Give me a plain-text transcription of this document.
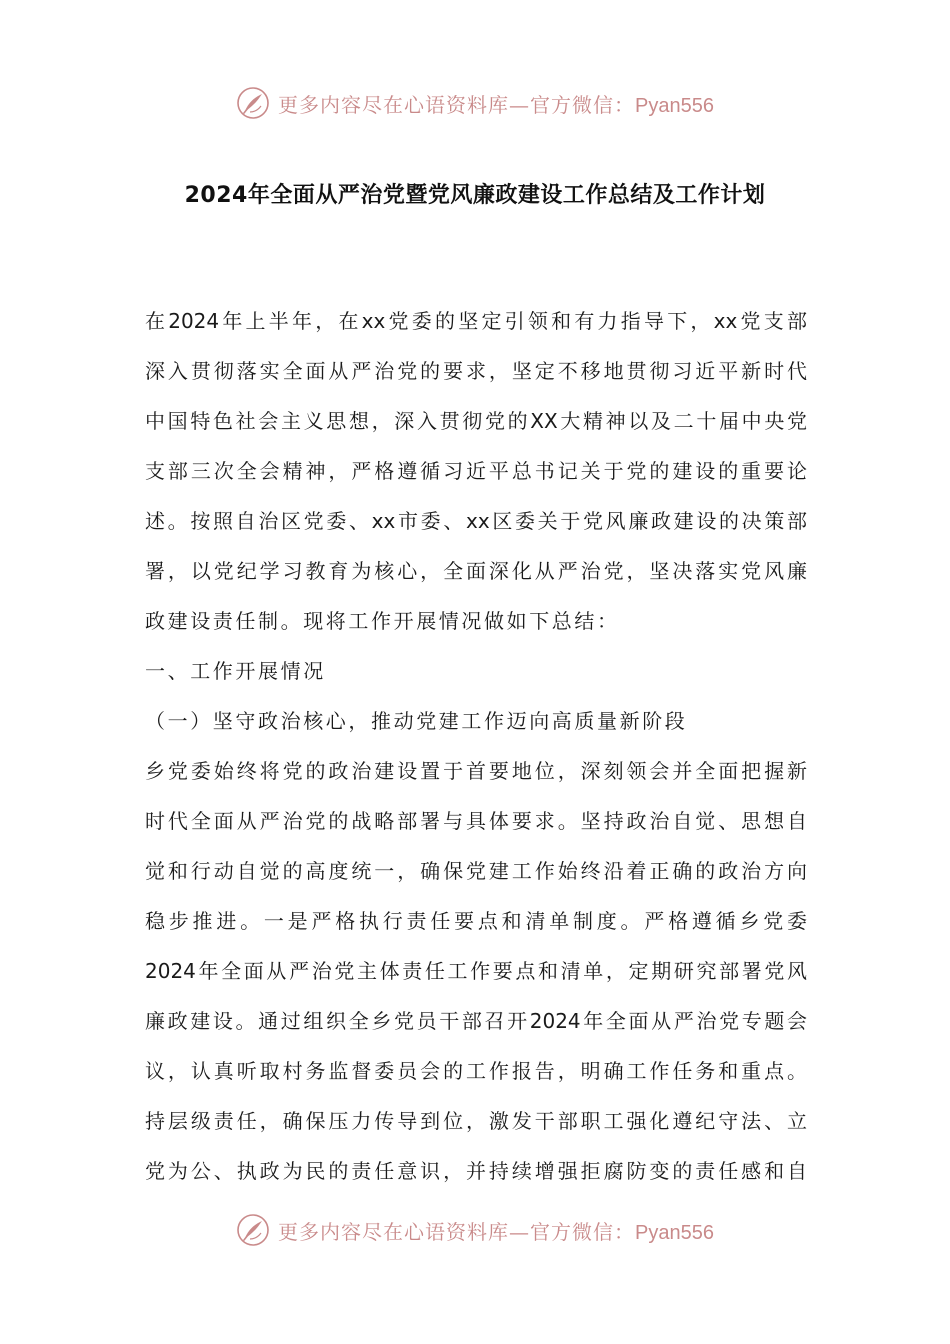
更多内容尽在心语资料库—官方微信：Pyan556
2024年全面从严治党暨党风廉政建设工作总结及工作计划
在2024年上半年，在xx党委的坚定引领和有力指导下，xx党支部
深入贯彻落实全面从严治党的要求，坚定不移地贯彻习近平新时代
中国特色社会主义思想，深入贯彻党的XX大精神以及二十届中央党
支部三次全会精神，严格遵循习近平总书记关于党的建设的重要论
述。按照自治区党委、xx市委、xx区委关于党风廉政建设的决策部
署，以党纪学习教育为核心，全面深化从严治党，坚决落实党风廉
政建设责任制。现将工作开展情况做如下总结：
一、工作开展情况
（一）坚守政治核心，推动党建工作迈向高质量新阶段
乡党委始终将党的政治建设置于首要地位，深刻领会并全面把握新
时代全面从严治党的战略部署与具体要求。坚持政治自觉、思想自
觉和行动自觉的高度统一，确保党建工作始终沿着正确的政治方向
稳步推进。一是严格执行责任要点和清单制度。严格遵循乡党委
2024年全面从严治党主体责任工作要点和清单，定期研究部署党风
廉政建设。通过组织全乡党员干部召开2024年全面从严治党专题会
议，认真听取村务监督委员会的工作报告，明确工作任务和重点。
持层级责任，确保压力传导到位，激发干部职工强化遵纪守法、立
党为公、执政为民的责任意识，并持续增强拒腐防变的责任感和自
更多内容尽在心语资料库—官方微信：Pyan556
